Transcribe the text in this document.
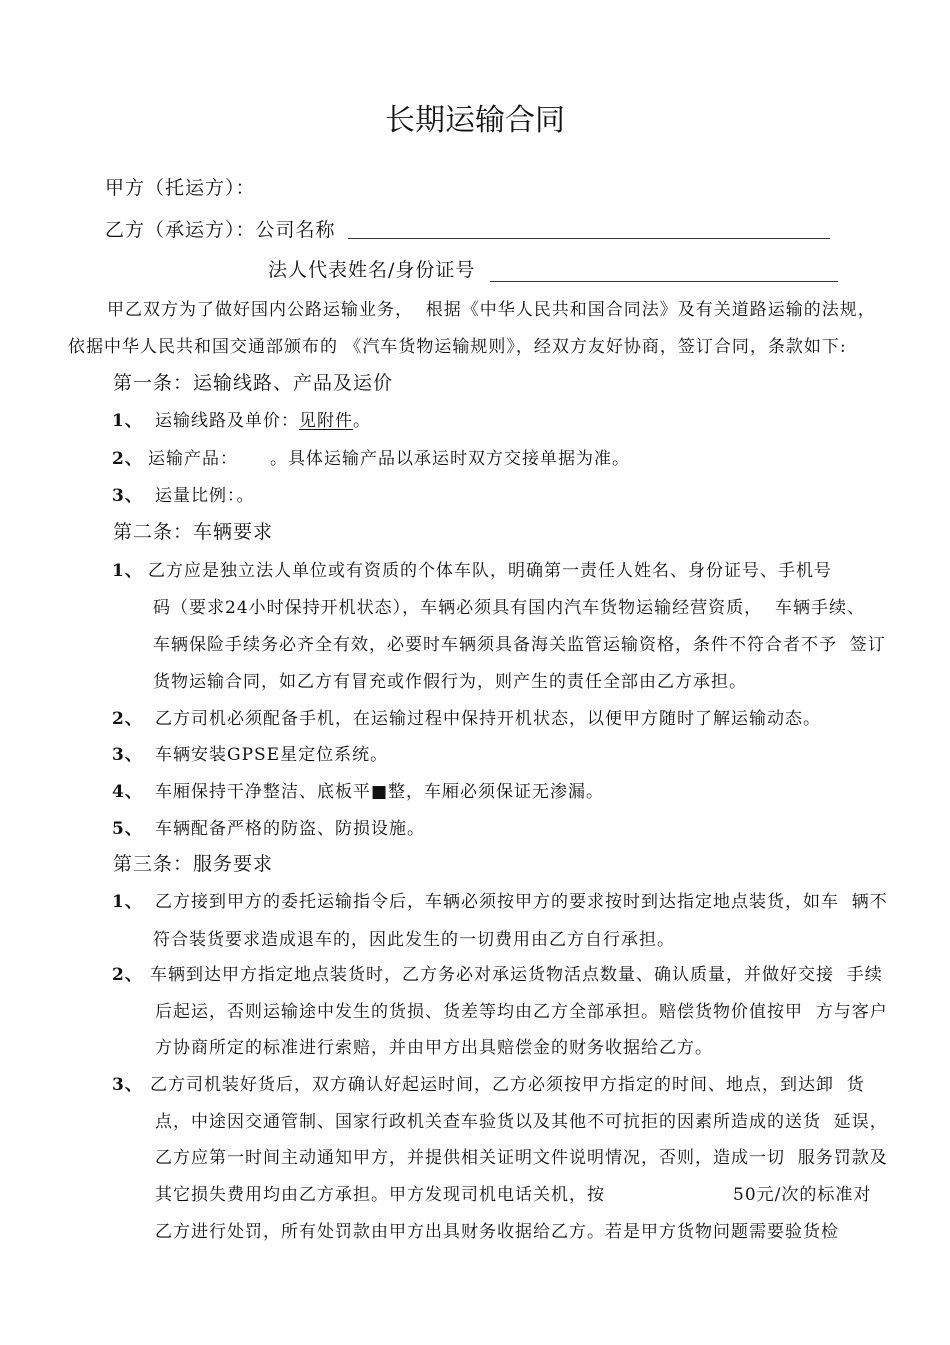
长期运输合同
甲方（托运方）：
乙方（承运方）：公司名称
法人代表姓名/身份证号
甲乙双方为了做好国内公路运输业务，  根据《中华人民共和国合同法》及有关道路运输的法规，
依据中华人民共和国交通部颁布的 《汽车货物运输规则》，经双方友好协商，签订合同，条款如下:
第一条：运输线路、产品及运价
1、 运输线路及单价：见附件。
2、 运输产品：     。具体运输产品以承运时双方交接单据为准。
3、 运量比例：。
第二条：车辆要求
1、 乙方应是独立法人单位或有资质的个体车队，明确第一责任人姓名、身份证号、手机号
码（要求24小时保持开机状态），车辆必须具有国内汽车货物运输经营资质，  车辆手续、
车辆保险手续务必齐全有效，必要时车辆须具备海关监管运输资格，条件不符合者不予  签订
货物运输合同，如乙方有冒充或作假行为，则产生的责任全部由乙方承担。
2、 乙方司机必须配备手机，在运输过程中保持开机状态，以便甲方随时了解运输动态。
3、 车辆安装GPSE星定位系统。
4、 车厢保持干净整洁、底板平■整，车厢必须保证无渗漏。
5、 车辆配备严格的防盗、防损设施。
第三条：服务要求
1、 乙方接到甲方的委托运输指令后，车辆必须按甲方的要求按时到达指定地点装货，如车  辆不
符合装货要求造成退车的，因此发生的一切费用由乙方自行承担。
2、 车辆到达甲方指定地点装货时，乙方务必对承运货物活点数量、确认质量，并做好交接  手续
后起运，否则运输途中发生的货损、货差等均由乙方全部承担。赔偿货物价值按甲  方与客户
方协商所定的标准进行索赔，并由甲方出具赔偿金的财务收据给乙方。
3、 乙方司机装好货后，双方确认好起运时间，乙方必须按甲方指定的时间、地点，到达卸  货
点，中途因交通管制、国家行政机关查车验货以及其他不可抗拒的因素所造成的送货  延误，
乙方应第一时间主动通知甲方，并提供相关证明文件说明情况，否则，造成一切  服务罚款及
其它损失费用均由乙方承担。甲方发现司机电话关机，按	50元/次的标准对
乙方进行处罚，所有处罚款由甲方出具财务收据给乙方。若是甲方货物问题需要验货检
